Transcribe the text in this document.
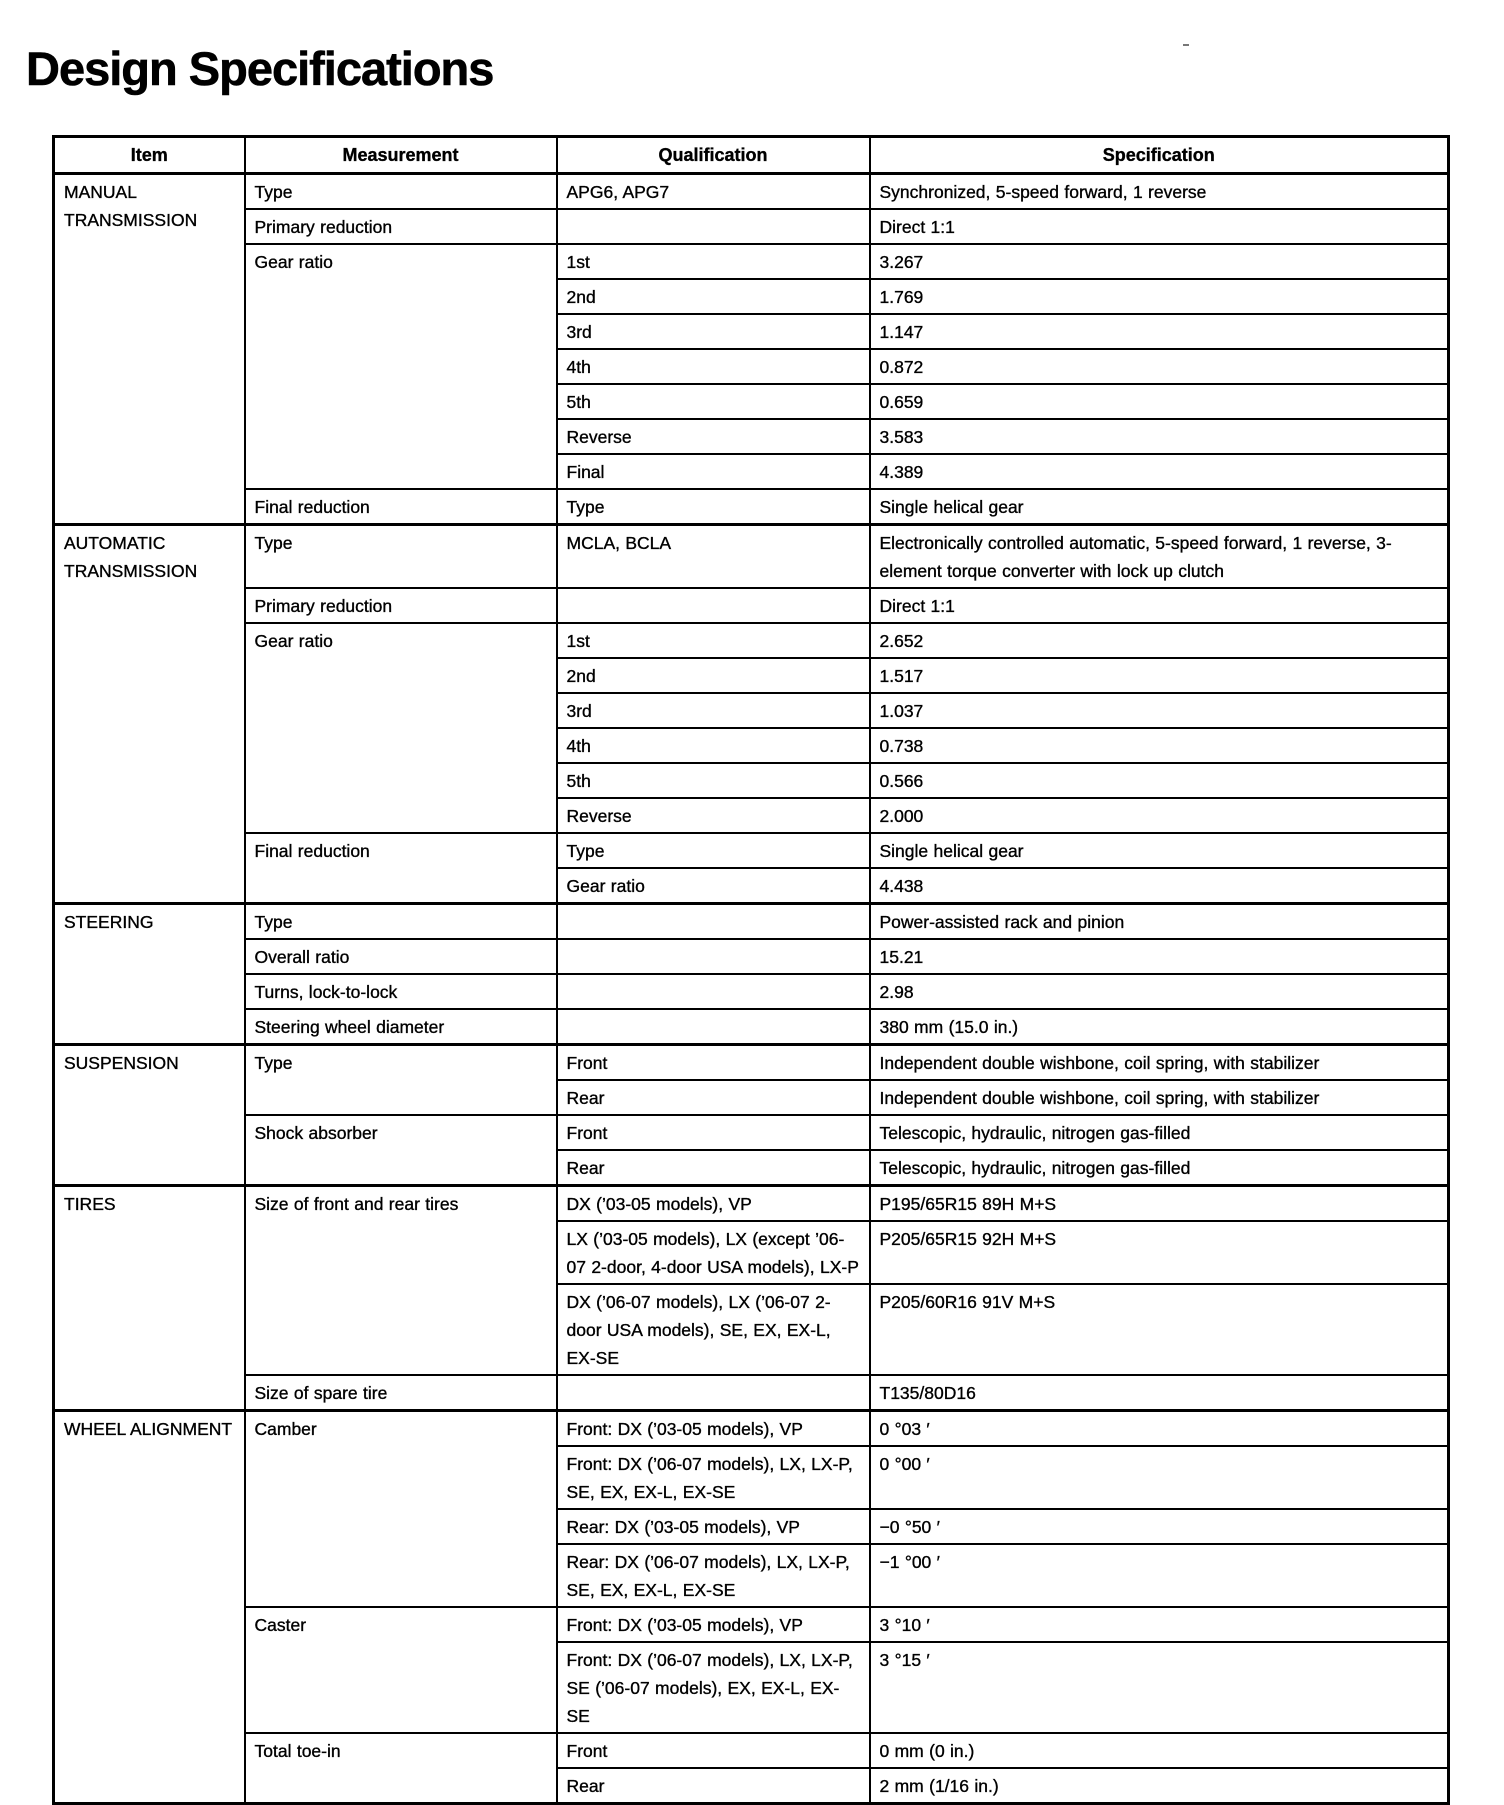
Design Specifications
Item	Measurement	Qualification	Specification
MANUAL TRANSMISSION	Type	APG6, APG7	Synchronized, 5-speed forward, 1 reverse
	Primary reduction		Direct 1:1
	Gear ratio	1st	3.267
		2nd	1.769
		3rd	1.147
		4th	0.872
		5th	0.659
		Reverse	3.583
		Final	4.389
	Final reduction	Type	Single helical gear
AUTOMATIC TRANSMISSION	Type	MCLA, BCLA	Electronically controlled automatic, 5-speed forward, 1 reverse, 3-element torque converter with lock up clutch
	Primary reduction		Direct 1:1
	Gear ratio	1st	2.652
		2nd	1.517
		3rd	1.037
		4th	0.738
		5th	0.566
		Reverse	2.000
	Final reduction	Type	Single helical gear
		Gear ratio	4.438
STEERING	Type		Power-assisted rack and pinion
	Overall ratio		15.21
	Turns, lock-to-lock		2.98
	Steering wheel diameter		380 mm (15.0 in.)
SUSPENSION	Type	Front	Independent double wishbone, coil spring, with stabilizer
		Rear	Independent double wishbone, coil spring, with stabilizer
	Shock absorber	Front	Telescopic, hydraulic, nitrogen gas-filled
		Rear	Telescopic, hydraulic, nitrogen gas-filled
TIRES	Size of front and rear tires	DX (’03-05 models), VP	P195/65R15 89H M+S
		LX (’03-05 models), LX (except ’06-07 2-door, 4-door USA models), LX-P	P205/65R15 92H M+S
		DX (’06-07 models), LX (’06-07 2-door USA models), SE, EX, EX-L, EX-SE	P205/60R16 91V M+S
	Size of spare tire		T135/80D16
WHEEL ALIGNMENT	Camber	Front: DX (’03-05 models), VP	0 °03 ′
		Front: DX (’06-07 models), LX, LX-P, SE, EX, EX-L, EX-SE	0 °00 ′
		Rear: DX (’03-05 models), VP	−0 °50 ′
		Rear: DX (’06-07 models), LX, LX-P, SE, EX, EX-L, EX-SE	−1 °00 ′
	Caster	Front: DX (’03-05 models), VP	3 °10 ′
		Front: DX (’06-07 models), LX, LX-P, SE (’06-07 models), EX, EX-L, EX-SE	3 °15 ′
	Total toe-in	Front	0 mm (0 in.)
		Rear	2 mm (1/16 in.)
